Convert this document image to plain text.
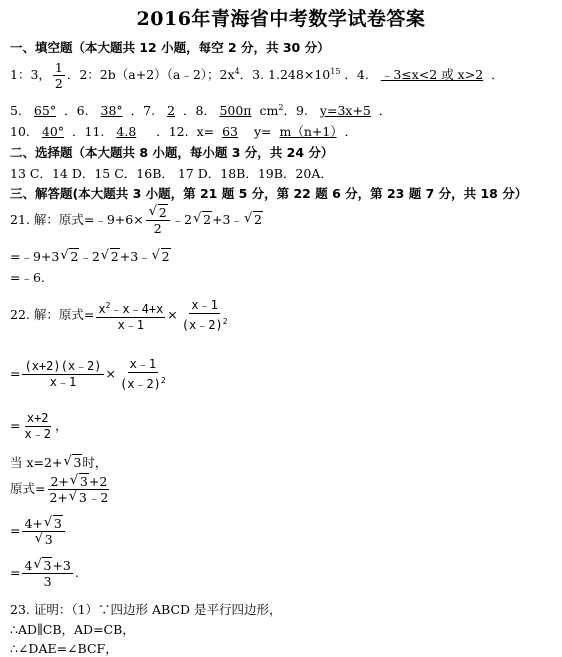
2016年青海省中考数学试卷答案
一、填空题（本大题共 12 小题，每空 2 分，共 30 分）
1：3， $\frac{1}{2}$ ．2：2b（a+2）（a﹣2）；$2x^4$．3. $1.248\times 10^{15}$ ．4. ﹣3≤x<2 或 x>2 ．
5. 65° ．6. 38° ．7. 2 ．8. 500π $cm^2$．9. y=3x+5 ．
10. 40° ．11. 4.8 ．12. x= 63 y= m（n+1） ．
二、选择题（本大题共 8 小题，每小题 3 分，共 24 分）
13 C．14 D．15 C．16B． 17 D．18B．19B．20A．
三、解答题(本大题共 3 小题，第 21 题 5 分，第 22 题 6 分，第 23 题 7 分，共 18 分）
21. 解：原式=﹣9+6× √ $\frac{2}{2}$ ﹣2 √ 2+3﹣ √ 2
=﹣9+3 √ 2﹣2 √ 2+3﹣ √ 2
=﹣6.
22. 解：原式= $\frac{x^2﹣x﹣4+x}{x﹣1} \times \frac{x﹣1}{(x﹣2)^2}$
= $\frac{(x+2)(x﹣2)}{x﹣1} \times \frac{x﹣1}{(x﹣2)^2}$
= $\frac{x+2}{x﹣2}$ ，
当 x=2+ √ 3时，
原式= $\frac{2+ √ 3+2}{2+ √ 3﹣2}$
= 4+ √ 3
√ 3
= $\frac{4 √ 3+3}{3}$ .
23. 证明：（1）∵四边形 ABCD 是平行四边形，
∴AD∥CB，AD=CB，
∴∠DAE=∠BCF，
